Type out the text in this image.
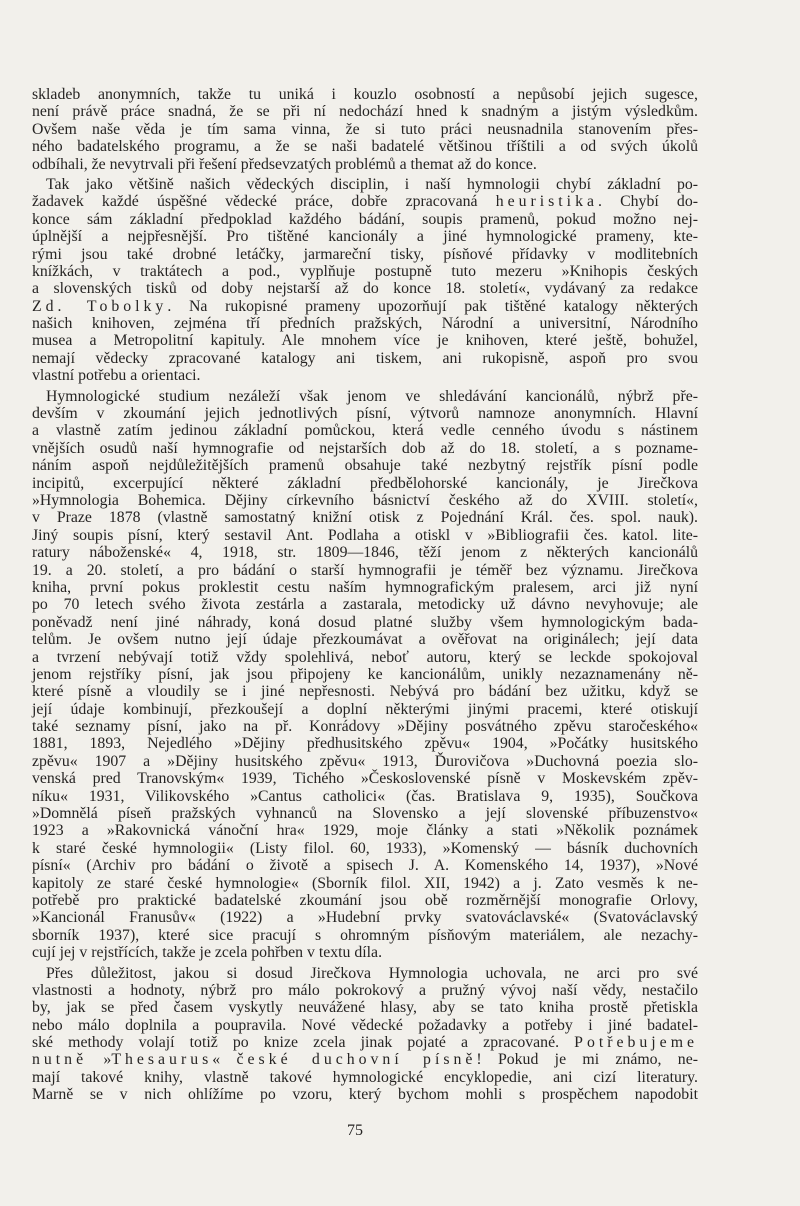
skladeb anonymních, takže tu uniká i kouzlo osobností a nepůsobí jejich sugesce,
není právě práce snadná, že se při ní nedochází hned k snadným a jistým výsledkům.
Ovšem naše věda je tím sama vinna, že si tuto práci neusnadnila stanovením přes-
ného badatelského programu, a že se naši badatelé většinou tříštili a od svých úkolů
odbíhali, že nevytrvali při řešení předsevzatých problémů a themat až do konce.
Tak jako většině našich vědeckých disciplin, i naší hymnologii chybí základní po-
žadavek každé úspěšné vědecké práce, dobře zpracovaná heuristika. Chybí do-
konce sám základní předpoklad každého bádání, soupis pramenů, pokud možno nej-
úplnější a nejpřesnější. Pro tištěné kancionály a jiné hymnologické prameny, kte-
rými jsou také drobné letáčky, jarmareční tisky, písňové přídavky v modlitebních
knížkách, v traktátech a pod., vyplňuje postupně tuto mezeru »Knihopis českých
a slovenských tisků od doby nejstarší až do konce 18. století«, vydávaný za redakce
Zd. Tobolky. Na rukopisné prameny upozorňují pak tištěné katalogy některých
našich knihoven, zejména tří předních pražských, Národní a universitní, Národního
musea a Metropolitní kapituly. Ale mnohem více je knihoven, které ještě, bohužel,
nemají vědecky zpracované katalogy ani tiskem, ani rukopisně, aspoň pro svou
vlastní potřebu a orientaci.
Hymnologické studium nezáleží však jenom ve shledávání kancionálů, nýbrž pře-
devším v zkoumání jejich jednotlivých písní, výtvorů namnoze anonymních. Hlavní
a vlastně zatím jedinou základní pomůckou, která vedle cenného úvodu s nástinem
vnějších osudů naší hymnografie od nejstarších dob až do 18. století, a s pozname-
náním aspoň nejdůležitějších pramenů obsahuje také nezbytný rejstřík písní podle
incipitů, excerpující některé základní předbělohorské kancionály, je Jirečkova
»Hymnologia Bohemica. Dějiny církevního básnictví českého až do XVIII. století«,
v Praze 1878 (vlastně samostatný knižní otisk z Pojednání Král. čes. spol. nauk).
Jiný soupis písní, který sestavil Ant. Podlaha a otiskl v »Bibliografii čes. katol. lite-
ratury náboženské« 4, 1918, str. 1809—1846, těží jenom z některých kancionálů
19. a 20. století, a pro bádání o starší hymnografii je téměř bez významu. Jirečkova
kniha, první pokus proklestit cestu naším hymnografickým pralesem, arci již nyní
po 70 letech svého života zestárla a zastarala, metodicky už dávno nevyhovuje; ale
poněvadž není jiné náhrady, koná dosud platné služby všem hymnologickým bada-
telům. Je ovšem nutno její údaje přezkoumávat a ověřovat na originálech; její data
a tvrzení nebývají totiž vždy spolehlivá, neboť autoru, který se leckde spokojoval
jenom rejstříky písní, jak jsou připojeny ke kancionálům, unikly nezaznamenány ně-
které písně a vloudily se i jiné nepřesnosti. Nebývá pro bádání bez užitku, když se
její údaje kombinují, přezkoušejí a doplní některými jinými pracemi, které otiskují
také seznamy písní, jako na př. Konrádovy »Dějiny posvátného zpěvu staročeského«
1881, 1893, Nejedlého »Dějiny předhusitského zpěvu« 1904, »Počátky husitského
zpěvu« 1907 a »Dějiny husitského zpěvu« 1913, Ďurovičova »Duchovná poezia slo-
venská pred Tranovským« 1939, Tichého »Československé písně v Moskevském zpěv-
níku« 1931, Vilikovského »Cantus catholici« (čas. Bratislava 9, 1935), Součkova
»Domnělá píseň pražských vyhnanců na Slovensko a její slovenské příbuzenstvo«
1923 a »Rakovnická vánoční hra« 1929, moje články a stati »Několik poznámek
k staré české hymnologii« (Listy filol. 60, 1933), »Komenský — básník duchovních
písní« (Archiv pro bádání o životě a spisech J. A. Komenského 14, 1937), »Nové
kapitoly ze staré české hymnologie« (Sborník filol. XII, 1942) a j. Zato vesměs k ne-
potřebě pro praktické badatelské zkoumání jsou obě rozměrnější monografie Orlovy,
»Kancionál Franusův« (1922) a »Hudební prvky svatováclavské« (Svatováclavský
sborník 1937), které sice pracují s ohromným písňovým materiálem, ale nezachy-
cují jej v rejstřících, takže je zcela pohřben v textu díla.
Přes důležitost, jakou si dosud Jirečkova Hymnologia uchovala, ne arci pro své
vlastnosti a hodnoty, nýbrž pro málo pokrokový a pružný vývoj naší vědy, nestačilo
by, jak se před časem vyskytly neuvážené hlasy, aby se tato kniha prostě přetiskla
nebo málo doplnila a poupravila. Nové vědecké požadavky a potřeby i jiné badatel-
ské methody volají totiž po knize zcela jinak pojaté a zpracované. Potřebujeme
nutně »Thesaurus« české duchovní písně! Pokud je mi známo, ne-
mají takové knihy, vlastně takové hymnologické encyklopedie, ani cizí literatury.
Marně se v nich ohlížíme po vzoru, který bychom mohli s prospěchem napodobit
75
